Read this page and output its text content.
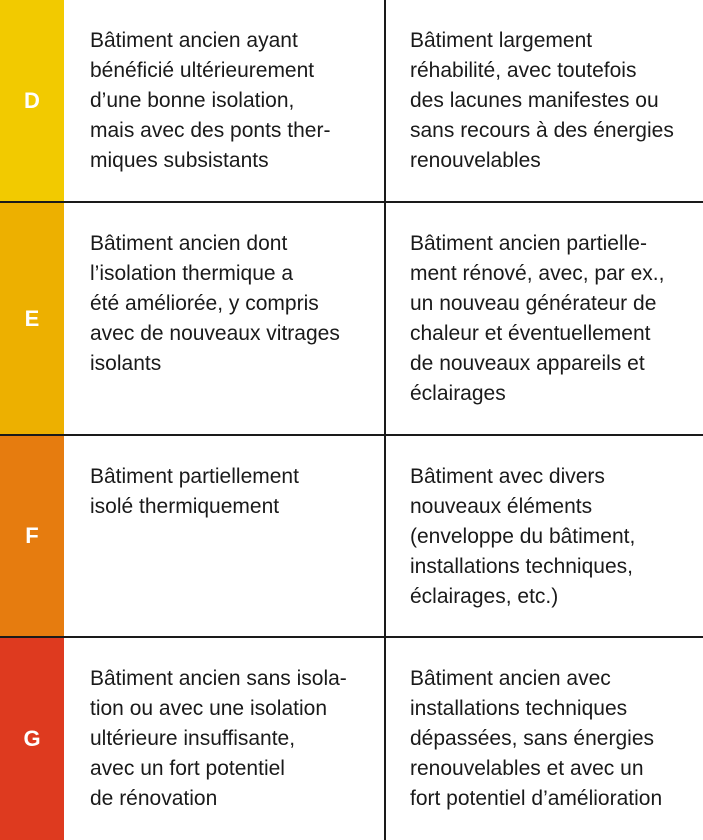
D
Bâtiment ancien ayant
bénéficié ultérieurement
d’une bonne isolation,
mais avec des ponts ther-
miques subsistants
Bâtiment largement
réhabilité, avec toutefois
des lacunes manifestes ou
sans recours à des énergies
renouvelables
E
Bâtiment ancien dont
l’isolation thermique a
été améliorée, y compris
avec de nouveaux vitrages
isolants
Bâtiment ancien partielle-
ment rénové, avec, par ex.,
un nouveau générateur de
chaleur et éventuellement
de nouveaux appareils et
éclairages
F
Bâtiment partiellement
isolé thermiquement
Bâtiment avec divers
nouveaux éléments
(enveloppe du bâtiment,
installations techniques,
éclairages, etc.)
G
Bâtiment ancien sans isola-
tion ou avec une isolation
ultérieure insuffisante,
avec un fort potentiel
de rénovation
Bâtiment ancien avec
installations techniques
dépassées, sans énergies
renouvelables et avec un
fort potentiel d’amélioration
